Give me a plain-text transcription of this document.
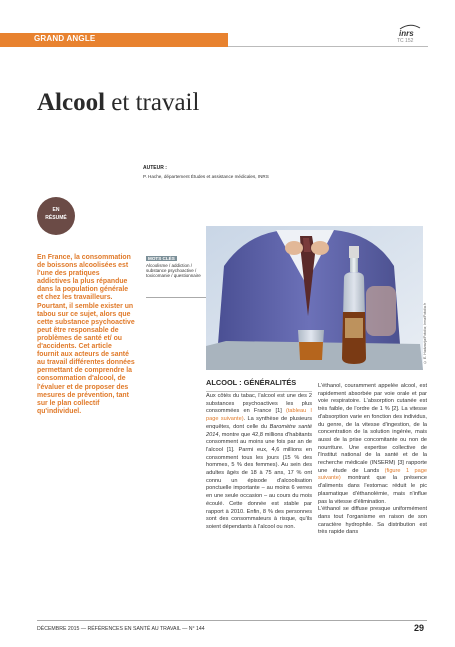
GRAND ANGLE
inrs
TC 152
Alcool et travail
AUTEUR :
P. Hache, département Études et assistance médicales, INRS
EN
RÉSUMÉ
En France, la consommation de boissons alcoolisées est l'une des pratiques addictives la plus répandue dans la population générale et chez les travailleurs. Pourtant, il semble exister un tabou sur ce sujet, alors que cette substance psychoactive peut être responsable de problèmes de santé et/ ou d'accidents. Cet article fournit aux acteurs de santé au travail différentes données permettant de comprendre la consommation d'alcool, de l'évaluer et de proposer des mesures de prévention, tant sur le plan collectif qu'individuel.
MOTS CLÉS
Alcoolisme / addiction / substance psychoactive / toxicomanie / questionnaire
© E. Hadzavija/Fotolia; Irma/Fotolia.fr
ALCOOL : GÉNÉRALITÉS
Aux côtés du tabac, l'alcool est une des 2 substances psychoactives les plus consommées en France [1] (tableau I page suivante). La synthèse de plusieurs enquêtes, dont celle du Baromètre santé 2014, montre que 42,8 millions d'habitants consomment au moins une fois par an de l'alcool [1]. Parmi eux, 4,6 millions en consomment tous les jours (15 % des hommes, 5 % des femmes). Au sein des adultes âgés de 18 à 75 ans, 17 % ont connu un épisode d'alcoolisation ponctuelle importante – au moins 6 verres en une seule occasion – au cours du mois écoulé. Cette donnée est stable par rapport à 2010. Enfin, 8 % des personnes sont des consommateurs à risque, qu'ils soient dépendants à l'alcool ou non.
L'éthanol, couramment appelée alcool, est rapidement absorbée par voie orale et par voie respiratoire. L'absorption cutanée est très faible, de l'ordre de 1 % [2]. La vitesse d'absorption varie en fonction des individus, du genre, de la vitesse d'ingestion, de la concentration de la solution ingérée, mais aussi de la prise concomitante ou non de nourriture. Une expertise collective de l'Institut national de la santé et de la recherche médicale (INSERM) [3] rapporte une étude de Lands (figure 1 page suivante) montrant que la présence d'aliments dans l'estomac réduit le pic plasmatique d'éthanolémie, mais n'influe pas la vitesse d'élimination.
L'éthanol se diffuse presque uniformément dans tout l'organisme en raison de son caractère hydrophile. Sa distribution est très rapide dans
DÉCEMBRE 2015 — RÉFÉRENCES EN SANTÉ AU TRAVAIL — N° 144	29
